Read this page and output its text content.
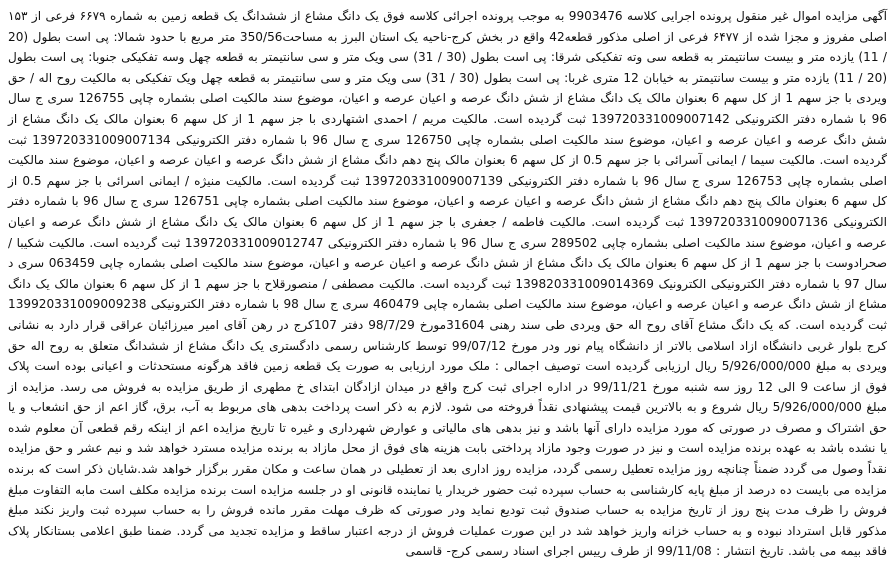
آگهی مزایده اموال غیر منقول پرونده اجرایی کلاسه 9903476 به موجب پرونده اجرائی کلاسه فوق یک دانگ مشاع از ششدانگ یک قطعه زمین به شماره ۶۶۷۹ فرعی از ۱۵۳ اصلی مفروز و مجزا شده از ۶۴۷۷ فرعی از اصلی مذکور قطعه42 واقع در بخش کرج-ناحیه یک استان البرز به مساحت350/56 متر مربع با حدود شمالا: پی است بطول (20 / 11) یازده متر و بیست سانتیمتر به قطعه سی وته تفکیکی شرقا: پی است بطول (30 / 31) سی ویک متر و سی سانتیمتر به قطعه چهل وسه تفکیکی جنوبا: پی است بطول (20 / 11) یازده متر و بیست سانتیمتر به خیابان 12 متری غربا: پی است بطول (30 / 31) سی ویک متر و سی سانتیمتر به قطعه چهل ویک تفکیکی به مالکیت روح اله / حق ویردی با جز سهم 1 از کل سهم 6 بعنوان مالک یک دانگ مشاع از شش دانگ عرصه و اعیان عرصه و اعیان، موضوع سند مالکیت اصلی بشماره چاپی 126755 سری ج سال 96 با شماره دفتر الکترونیکی 139720331009007142 ثبت گردیده است. مالکیت مریم / احمدی اشتهاردی با جز سهم 1 از کل سهم 6 بعنوان مالک یک دانگ مشاع از شش دانگ عرصه و اعیان عرصه و اعیان، موضوع سند مالکیت اصلی بشماره چاپی 126750 سری ج سال 96 با شماره دفتر الکترونیکی 139720331009007134 ثبت گردیده است. مالکیت سیما / ایمانی آسرائی با جز سهم 0.5 از کل سهم 6 بعنوان مالک پنج دهم دانگ مشاع از شش دانگ عرصه و اعیان عرصه و اعیان، موضوع سند مالکیت اصلی بشماره چاپی 126753 سری ج سال 96 با شماره دفتر الکترونیکی 139720331009007139 ثبت گردیده است. مالکیت منیژه / ایمانی اسرائی با جز سهم 0.5 از کل سهم 6 بعنوان مالک پنج دهم دانگ مشاع از شش دانگ عرصه و اعیان عرصه و اعیان، موضوع سند مالکیت اصلی بشماره چاپی 126751 سری ج سال 96 با شماره دفتر الکترونیکی 139720331009007136 ثبت گردیده است. مالکیت فاطمه / جعفری با جز سهم 1 از کل سهم 6 بعنوان مالک یک دانگ مشاع از شش دانگ عرصه و اعیان عرصه و اعیان، موضوع سند مالکیت اصلی بشماره چاپی 289502 سری ج سال 96 با شماره دفتر الکترونیکی 139720331009012747 ثبت گردیده است. مالکیت شکیبا / صحرادوست با جز سهم 1 از کل سهم 6 بعنوان مالک یک دانگ مشاع از شش دانگ عرصه و اعیان عرصه و اعیان، موضوع سند مالکیت اصلی بشماره چاپی 063459 سری د سال 97 با شماره دفتر الکترونیکی الکترونیک 139820331009014369 ثبت گردیده است. مالکیت مصطفی / منصورقلاح با جز سهم 1 از کل سهم 6 بعنوان مالک یک دانگ مشاع از شش دانگ عرصه و اعیان عرصه و اعیان، موضوع سند مالکیت اصلی بشماره چاپی 460479 سری ج سال 98 با شماره دفتر الکترونیکی 139920331009009238 ثبت گردیده است. که یک دانگ مشاع آقای روح اله حق ویردی طی سند رهنی 31604مورخ 98/7/29 دفتر 107کرج در رهن آقای امیر میرزائیان عراقی قرار دارد به نشانی کرج بلوار غربی دانشگاه ازاد اسلامی بالاتر از دانشگاه پیام نور ودر مورخ 99/07/12 توسط کارشناس رسمی دادگستری یک دانگ مشاع از ششدانگ متعلق به روح اله حق ویردی به مبلغ 5/926/000/000 ریال ارزیابی گردیده است توصیف اجمالی : ملک مورد ارزیابی به صورت یک قطعه زمین فاقد هرگونه مستحدثات و اعیانی بوده است پلاک فوق از ساعت 9 الی 12 روز سه شنبه مورخ 99/11/21 در اداره اجرای ثبت کرج واقع در میدان ازادگان ابتدای خ مطهری از طریق مزایده به فروش می رسد. مزایده از مبلغ 5/926/000/000 ریال شروع و به بالاترین قیمت پیشنهادی نقداً فروخته می شود. لازم به ذکر است پرداخت بدهی های مربوط به آب، برق، گاز اعم از حق انشعاب و یا حق اشتراک و مصرف در صورتی که مورد مزایده دارای آنها باشد و نیز بدهی های مالیاتی و عوارض شهرداری و غیره تا تاریخ مزایده اعم از اینکه رقم قطعی آن معلوم شده یا نشده باشد به عهده برنده مزایده است و نیز در صورت وجود مازاد پرداختی بابت هزینه های فوق از محل مازاد به برنده مزایده مسترد خواهد شد و نیم عشر و حق مزایده نقداً وصول می گردد ضمناً چنانچه روز مزایده تعطیل رسمی گردد، مزایده روز اداری بعد از تعطیلی در همان ساعت و مکان مقرر برگزار خواهد شد.شایان ذکر است که برنده مزایده می بایست ده درصد از مبلغ پایه کارشناسی به حساب سپرده ثبت حضور خریدار یا نماینده قانونی او در جلسه مزایده است برنده مزایده مکلف است مابه التفاوت مبلغ فروش را ظرف مدت پنج روز از تاریخ مزایده به حساب صندوق ثبت تودیع نماید ودر صورتی که ظرف مهلت مقرر مانده فروش را به حساب سپرده ثبت واریز نکند مبلغ مذکور قابل استرداد نبوده و به حساب خزانه واریز خواهد شد در این صورت عملیات فروش از درجه اعتبار ساقط و مزایده تجدید می گردد. ضمنا طبق اعلامی بستانکار پلاک فاقد بیمه می باشد. تاریخ انتشار : 99/11/08 از طرف رییس اجرای اسناد رسمی کرج- قاسمی
